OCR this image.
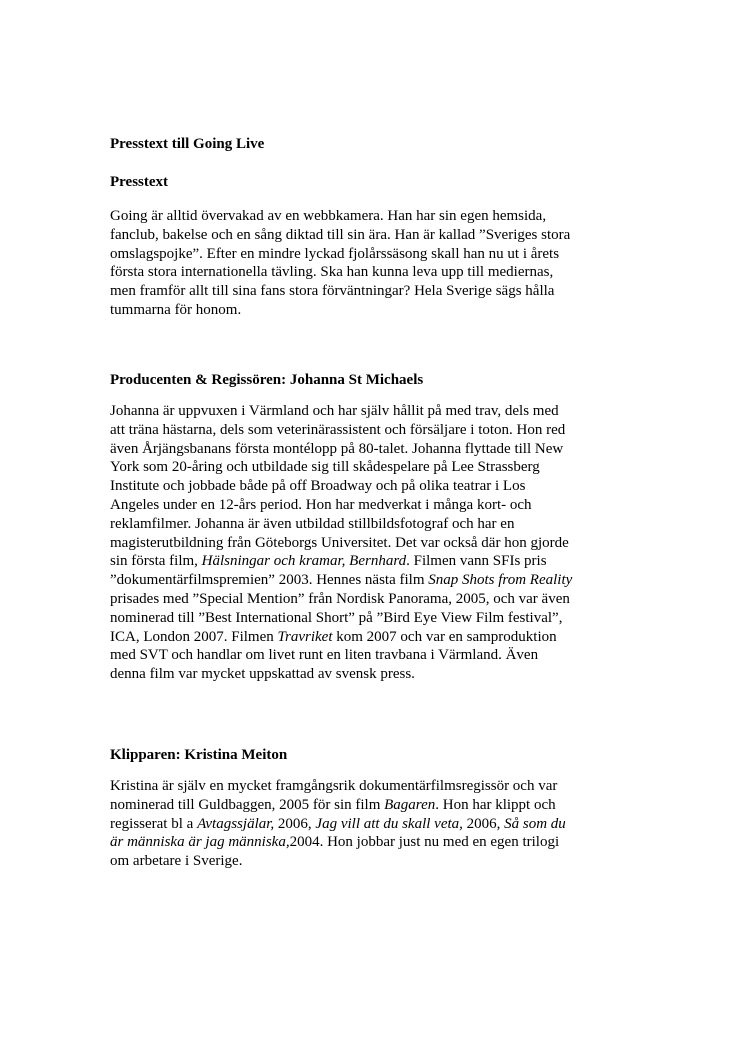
Presstext till Going Live
Presstext
Going är alltid övervakad av en webbkamera. Han har sin egen hemsida,
fanclub, bakelse och en sång diktad till sin ära. Han är kallad ”Sveriges stora
omslagspojke”. Efter en mindre lyckad fjolårssäsong skall han nu ut i årets
första stora internationella tävling. Ska han kunna leva upp till mediernas,
men framför allt till sina fans stora förväntningar? Hela Sverige sägs hålla
tummarna för honom.
Producenten & Regissören: Johanna St Michaels
Johanna är uppvuxen i Värmland och har själv hållit på med trav, dels med
att träna hästarna, dels som veterinärassistent och försäljare i toton. Hon red
även Årjängsbanans första montélopp på 80-talet. Johanna flyttade till New
York som 20-åring och utbildade sig till skådespelare på Lee Strassberg
Institute och jobbade både på off Broadway och på olika teatrar i Los
Angeles under en 12-års period. Hon har medverkat i många kort- och
reklamfilmer. Johanna är även utbildad stillbildsfotograf och har en
magisterutbildning från Göteborgs Universitet. Det var också där hon gjorde
sin första film, Hälsningar och kramar, Bernhard. Filmen vann SFIs pris
”dokumentärfilmspremien” 2003. Hennes nästa film Snap Shots from Reality
prisades med ”Special Mention” från Nordisk Panorama, 2005, och var även
nominerad till ”Best International Short” på ”Bird Eye View Film festival”,
ICA, London 2007. Filmen Travriket kom 2007 och var en samproduktion
med SVT och handlar om livet runt en liten travbana i Värmland. Även
denna film var mycket uppskattad av svensk press.
Klipparen: Kristina Meiton
Kristina är själv en mycket framgångsrik dokumentärfilmsregissör och var
nominerad till Guldbaggen, 2005 för sin film Bagaren. Hon har klippt och
regisserat bl a Avtagssjälar, 2006, Jag vill att du skall veta, 2006, Så som du
är människa är jag människa,2004. Hon jobbar just nu med en egen trilogi
om arbetare i Sverige.
